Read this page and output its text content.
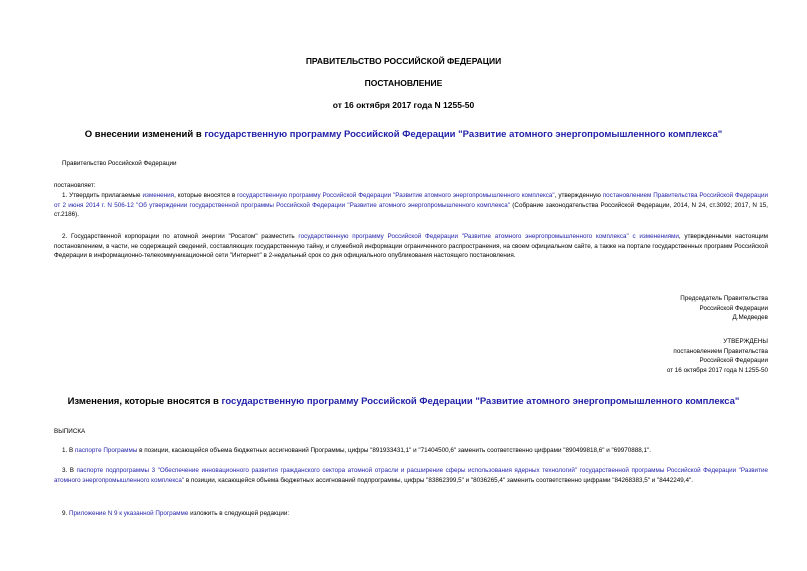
ПРАВИТЕЛЬСТВО РОССИЙСКОЙ ФЕДЕРАЦИИ
ПОСТАНОВЛЕНИЕ
от 16 октября 2017 года N 1255-50
О внесении изменений в государственную программу Российской Федерации "Развитие атомного энергопромышленного комплекса"
Правительство Российской Федерации
постановляет:
1. Утвердить прилагаемые изменения, которые вносятся в государственную программу Российской Федерации "Развитие атомного энергопромышленного комплекса", утвержденную постановлением Правительства Российской Федерации от 2 июня 2014 г. N 506-12 "Об утверждении государственной программы Российской Федерации "Развитие атомного энергопромышленного комплекса" (Собрание законодательства Российской Федерации, 2014, N 24, ст.3092; 2017, N 15, ст.2186).
2. Государственной корпорации по атомной энергии "Росатом" разместить государственную программу Российской Федерации "Развитие атомного энергопромышленного комплекса" с изменениями, утвержденными настоящим постановлением, в части, не содержащей сведений, составляющих государственную тайну, и служебной информации ограниченного распространения, на своем официальном сайте, а также на портале государственных программ Российской Федерации в информационно-телекоммуникационной сети "Интернет" в 2-недельный срок со дня официального опубликования настоящего постановления.
Председатель Правительства
Российской Федерации
Д.Медведев
УТВЕРЖДЕНЫ
постановлением Правительства
Российской Федерации
от 16 октября 2017 года N 1255-50
Изменения, которые вносятся в государственную программу Российской Федерации "Развитие атомного энергопромышленного комплекса"
ВЫПИСКА
1. В паспорте Программы в позиции, касающейся объема бюджетных ассигнований Программы, цифры "891933431,1" и "71404500,6" заменить соответственно цифрами "890499818,6" и "69970888,1".
3. В паспорте подпрограммы 3 "Обеспечение инновационного развития гражданского сектора атомной отрасли и расширение сферы использования ядерных технологий" государственной программы Российской Федерации "Развитие атомного энергопромышленного комплекса" в позиции, касающейся объема бюджетных ассигнований подпрограммы, цифры "83862399,5" и "8036265,4" заменить соответственно цифрами "84268383,5" и "8442249,4".
9. Приложение N 9 к указанной Программе изложить в следующей редакции:
